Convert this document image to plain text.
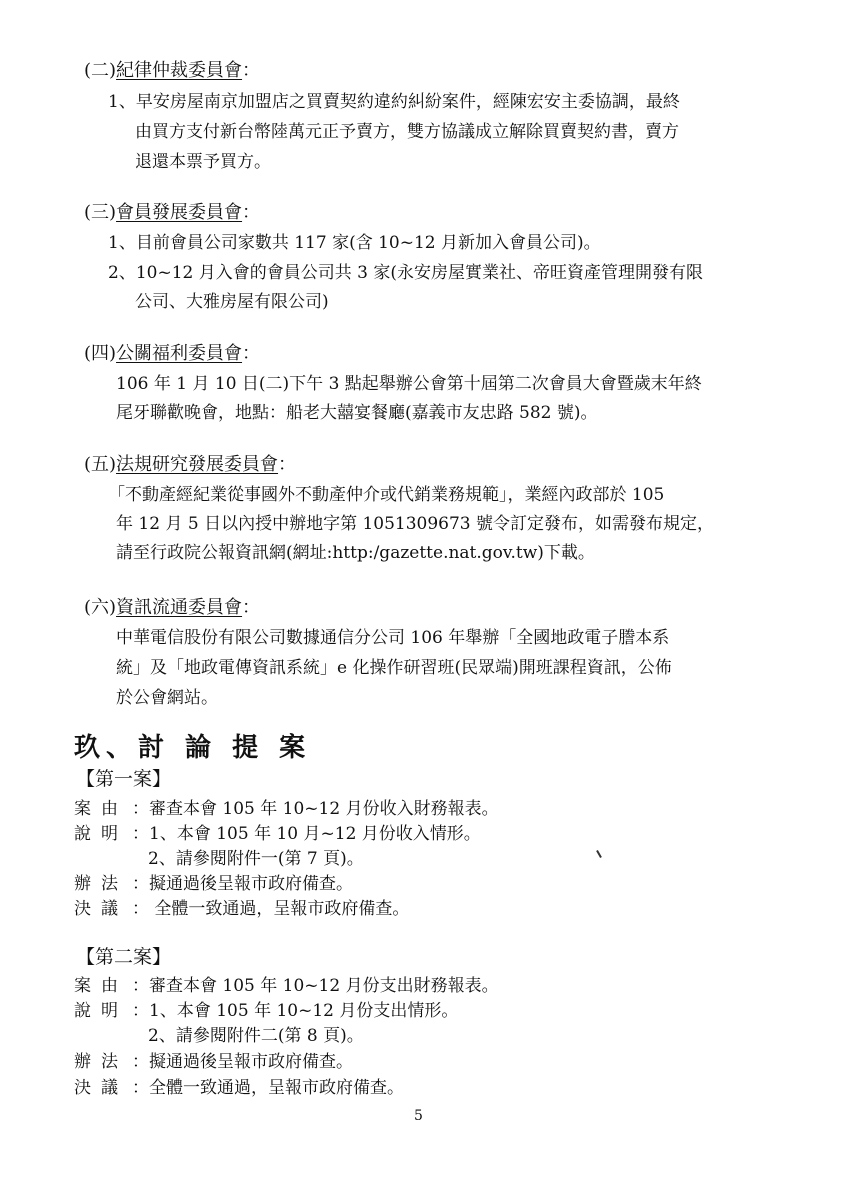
(二)紀律仲裁委員會：
1、早安房屋南京加盟店之買賣契約違約糾紛案件，經陳宏安主委協調，最終
由買方支付新台幣陸萬元正予賣方，雙方協議成立解除買賣契約書，賣方
退還本票予買方。
(三)會員發展委員會：
1、目前會員公司家數共 117 家(含 10~12 月新加入會員公司)。
2、10~12 月入會的會員公司共 3 家(永安房屋實業社、帝旺資產管理開發有限
公司、大雅房屋有限公司)
(四)公關福利委員會：
106 年 1 月 10 日(二)下午 3 點起舉辦公會第十屆第二次會員大會暨歲末年終
尾牙聯歡晚會，地點：船老大囍宴餐廳(嘉義市友忠路 582 號)。
(五)法規研究發展委員會：
「不動產經紀業從事國外不動產仲介或代銷業務規範」，業經內政部於 105
年 12 月 5 日以內授中辦地字第 1051309673 號令訂定發布，如需發布規定，
請至行政院公報資訊網(網址:http:/gazette.nat.gov.tw)下載。
(六)資訊流通委員會：
中華電信股份有限公司數據通信分公司 106 年舉辦「全國地政電子謄本系
統」及「地政電傳資訊系統」e 化操作研習班(民眾端)開班課程資訊，公佈
於公會網站。
玖、討 論 提 案
【第一案】
案由 ：審查本會 105 年 10~12 月份收入財務報表。
說明 ：1、本會 105 年 10 月~12 月份收入情形。
2、請參閱附件一(第 7 頁)。
辦法 ：擬通過後呈報市政府備查。
決議 ： 全體一致通過，呈報市政府備查。
【第二案】
案由 ：審查本會 105 年 10~12 月份支出財務報表。
說明 ：1、本會 105 年 10~12 月份支出情形。
2、請參閱附件二(第 8 頁)。
辦法 ：擬通過後呈報市政府備查。
決議 ：全體一致通過，呈報市政府備查。
5
